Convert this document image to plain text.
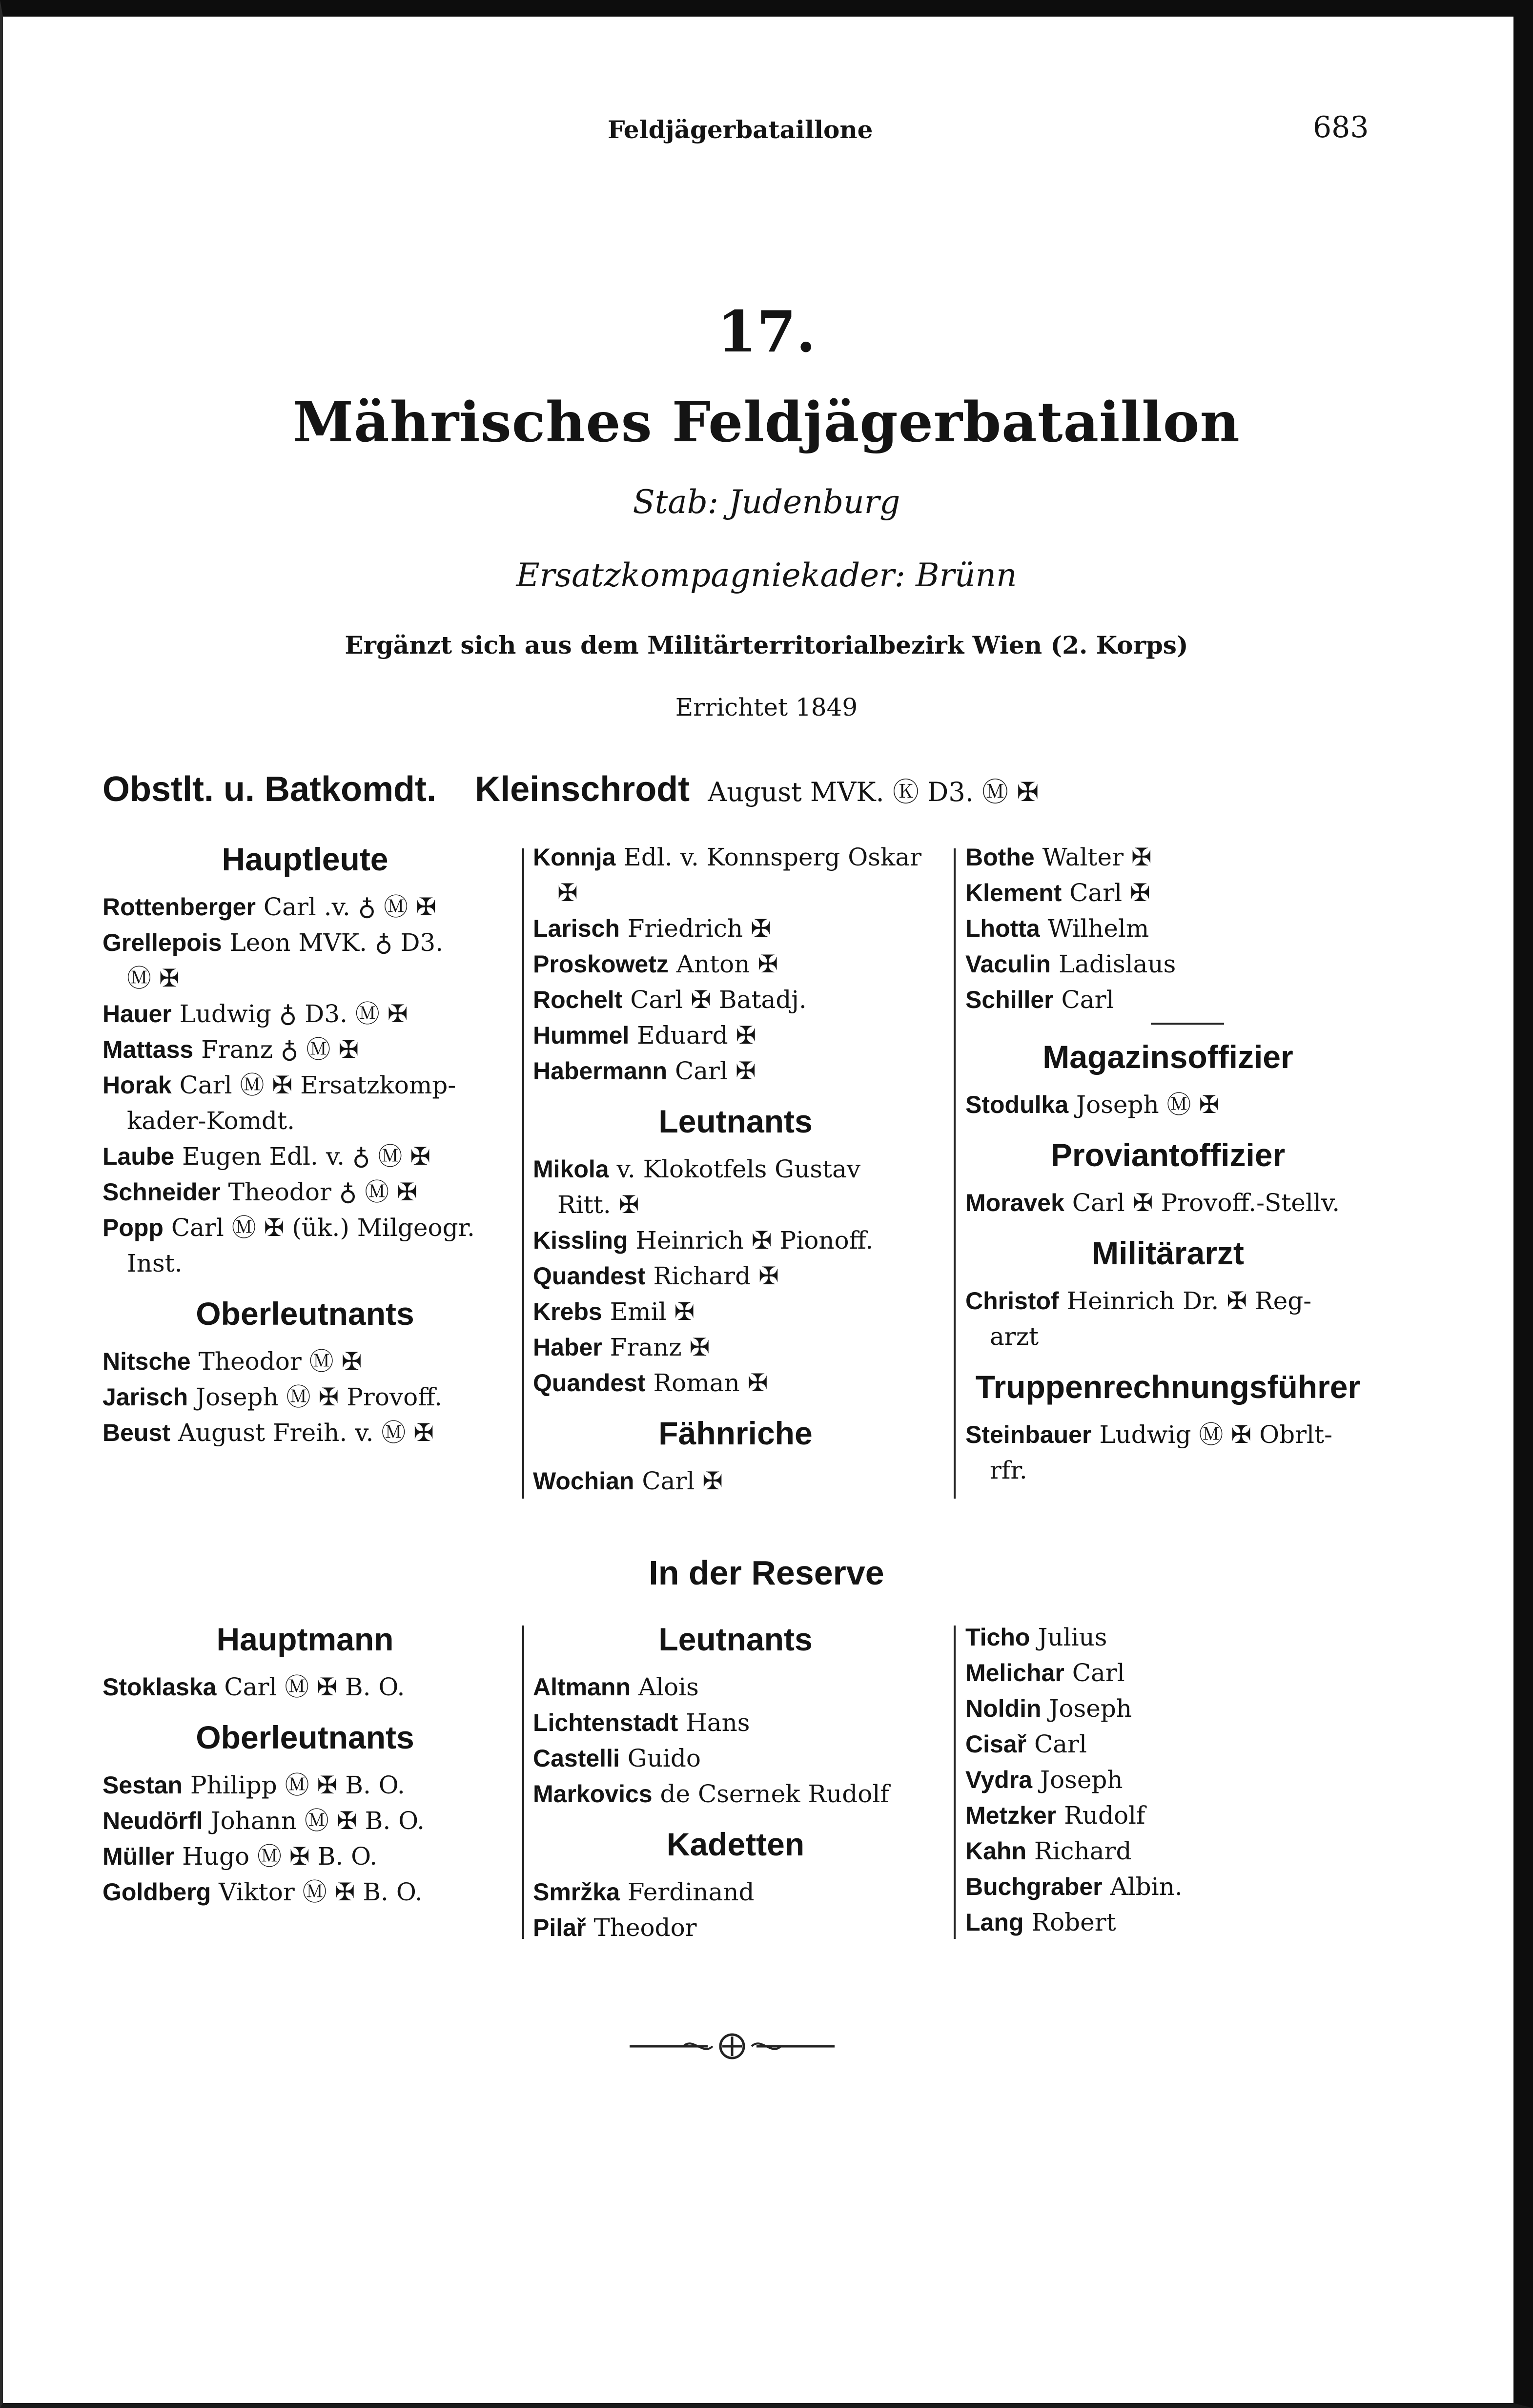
Feldjägerbataillone	683
17.
Mährisches Feldjägerbataillon
Stab: Judenburg
Ersatzkompagniekader: Brünn
Ergänzt sich aus dem Militärterritorialbezirk Wien (2. Korps)
Errichtet 1849
Obstlt. u. Batkomdt. Kleinschrodt August MVK. Ⓚ D3. Ⓜ ✠
Hauptleute
Rottenberger Carl .v. ♁ Ⓜ ✠
Grellepois Leon MVK. ♁ D3.
Ⓜ ✠
Hauer Ludwig ♁ D3. Ⓜ ✠
Mattass Franz ♁ Ⓜ ✠
Horak Carl Ⓜ ✠ Ersatzkomp-
kader-Komdt.
Laube Eugen Edl. v. ♁ Ⓜ ✠
Schneider Theodor ♁ Ⓜ ✠
Popp Carl Ⓜ ✠ (ük.) Milgeogr.
Inst.
Oberleutnants
Nitsche Theodor Ⓜ ✠
Jarisch Joseph Ⓜ ✠ Provoff.
Beust August Freih. v. Ⓜ ✠
Konnja Edl. v. Konnsperg Oskar
✠
Larisch Friedrich ✠
Proskowetz Anton ✠
Rochelt Carl ✠ Batadj.
Hummel Eduard ✠
Habermann Carl ✠
Leutnants
Mikola v. Klokotfels Gustav
Ritt. ✠
Kissling Heinrich ✠ Pionoff.
Quandest Richard ✠
Krebs Emil ✠
Haber Franz ✠
Quandest Roman ✠
Fähnriche
Wochian Carl ✠
Bothe Walter ✠
Klement Carl ✠
Lhotta Wilhelm
Vaculin Ladislaus
Schiller Carl
Magazinsoffizier
Stodulka Joseph Ⓜ ✠
Proviantoffizier
Moravek Carl ✠ Provoff.-Stellv.
Militärarzt
Christof Heinrich Dr. ✠ Reg-
arzt
Truppenrechnungsführer
Steinbauer Ludwig Ⓜ ✠ Obrlt-
rfr.
In der Reserve
Hauptmann
Stoklaska Carl Ⓜ ✠ B. O.
Oberleutnants
Sestan Philipp Ⓜ ✠ B. O.
Neudörfl Johann Ⓜ ✠ B. O.
Müller Hugo Ⓜ ✠ B. O.
Goldberg Viktor Ⓜ ✠ B. O.
Leutnants
Altmann Alois
Lichtenstadt Hans
Castelli Guido
Markovics de Csernek Rudolf
Kadetten
Smržka Ferdinand
Pilař Theodor
Ticho Julius
Melichar Carl
Noldin Joseph
Cisař Carl
Vydra Joseph
Metzker Rudolf
Kahn Richard
Buchgraber Albin.
Lang Robert
